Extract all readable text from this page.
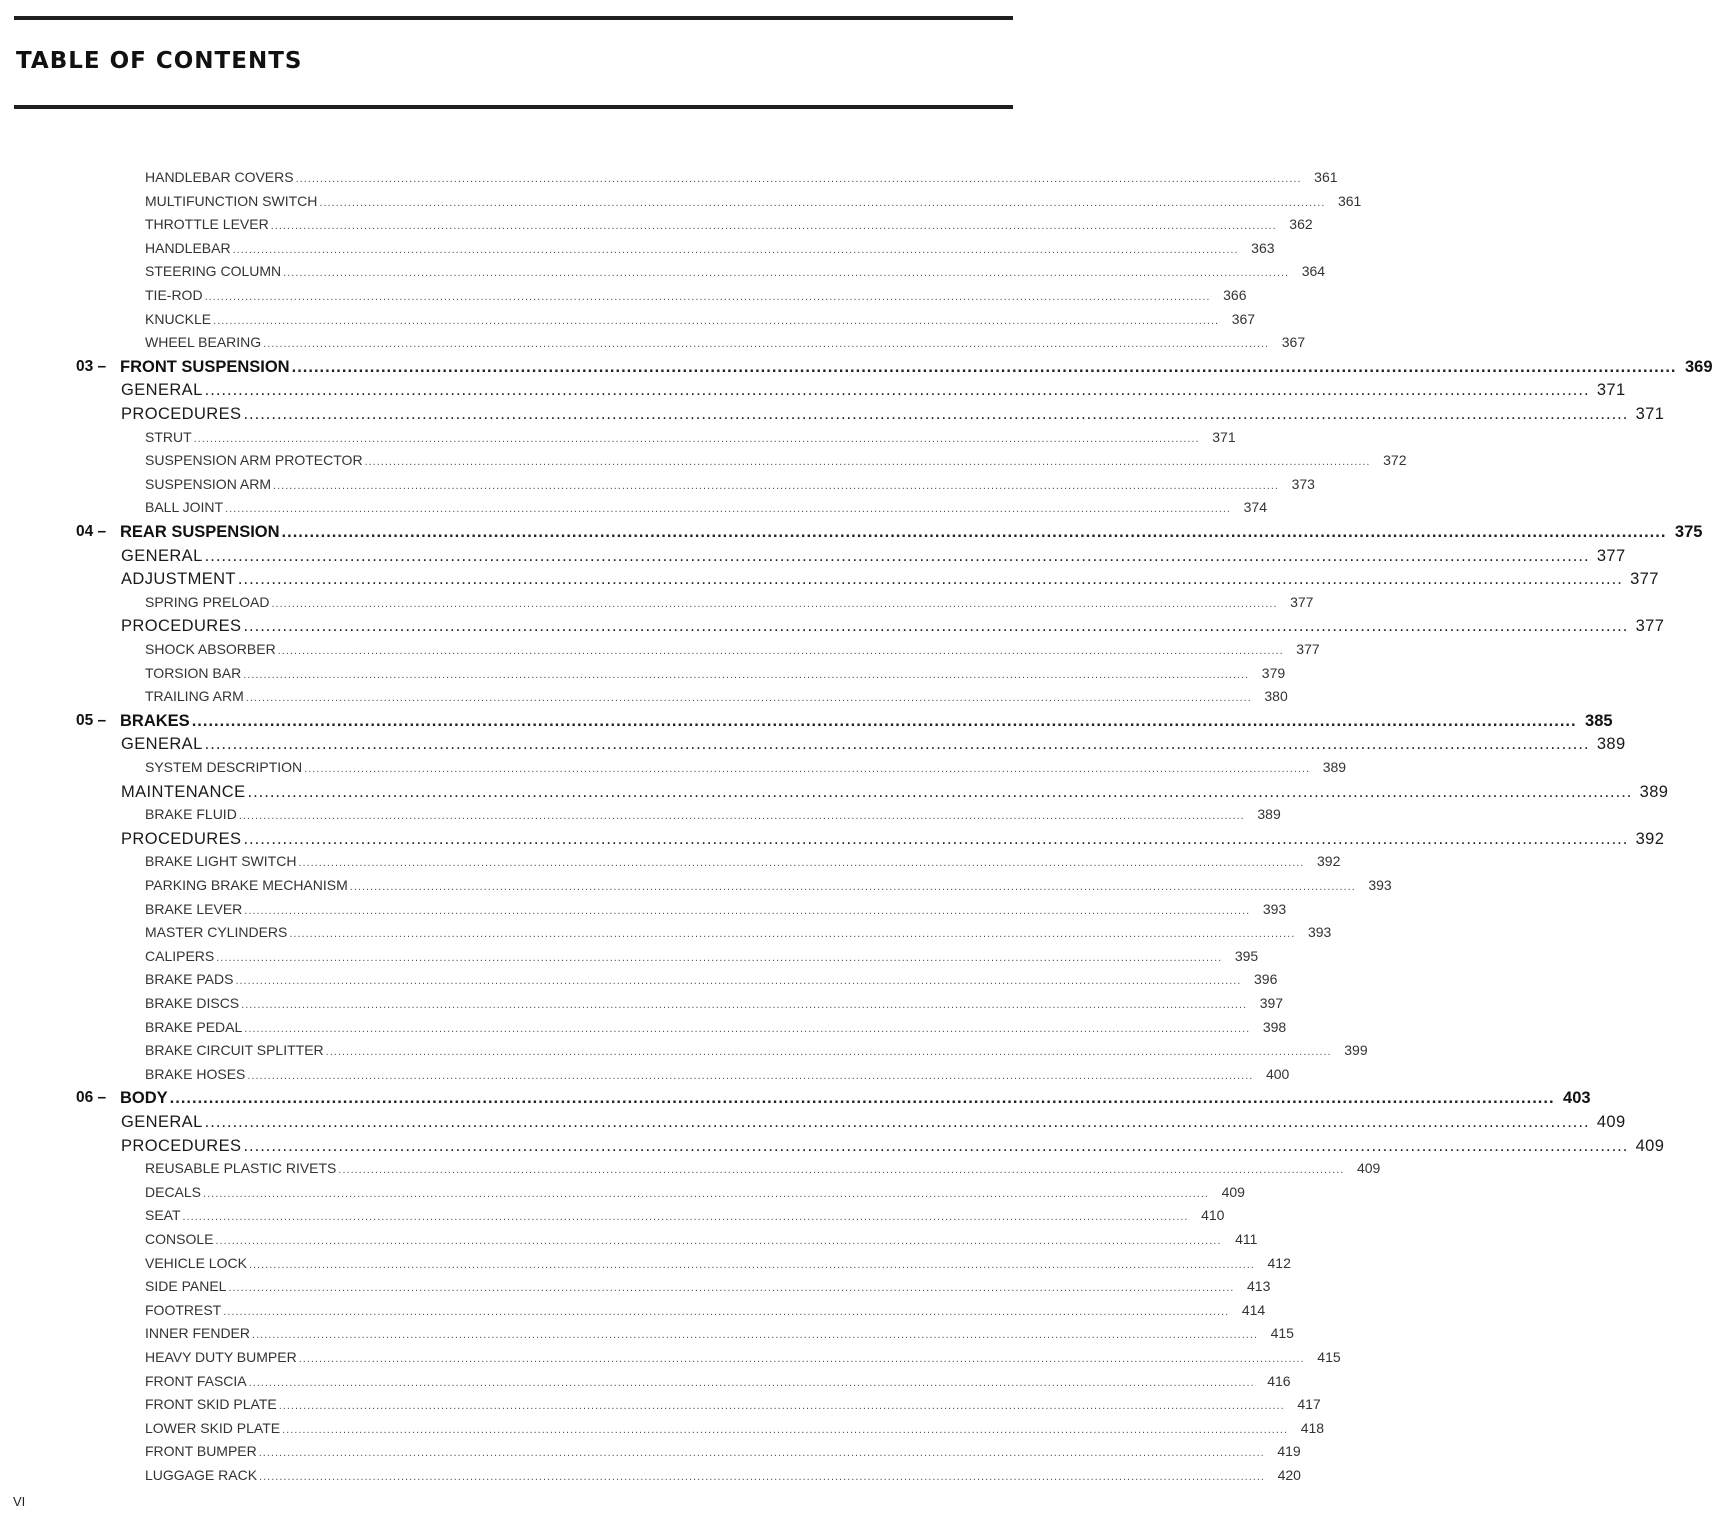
TABLE OF CONTENTS
HANDLEBAR COVERS .....	361
MULTIFUNCTION SWITCH .....	361
THROTTLE LEVER .....	362
HANDLEBAR .....	363
STEERING COLUMN .....	364
TIE-ROD .....	366
KNUCKLE .....	367
WHEEL BEARING .....	367
03 – FRONT SUSPENSION .....	369
GENERAL .....	371
PROCEDURES .....	371
STRUT .....	371
SUSPENSION ARM PROTECTOR .....	372
SUSPENSION ARM .....	373
BALL JOINT .....	374
04 – REAR SUSPENSION .....	375
GENERAL .....	377
ADJUSTMENT .....	377
SPRING PRELOAD .....	377
PROCEDURES .....	377
SHOCK ABSORBER .....	377
TORSION BAR .....	379
TRAILING ARM .....	380
05 – BRAKES .....	385
GENERAL .....	389
SYSTEM DESCRIPTION .....	389
MAINTENANCE .....	389
BRAKE FLUID .....	389
PROCEDURES .....	392
BRAKE LIGHT SWITCH .....	392
PARKING BRAKE MECHANISM .....	393
BRAKE LEVER .....	393
MASTER CYLINDERS .....	393
CALIPERS .....	395
BRAKE PADS .....	396
BRAKE DISCS .....	397
BRAKE PEDAL .....	398
BRAKE CIRCUIT SPLITTER .....	399
BRAKE HOSES .....	400
06 – BODY .....	403
GENERAL .....	409
PROCEDURES .....	409
REUSABLE PLASTIC RIVETS .....	409
DECALS .....	409
SEAT .....	410
CONSOLE .....	411
VEHICLE LOCK .....	412
SIDE PANEL .....	413
FOOTREST .....	414
INNER FENDER .....	415
HEAVY DUTY BUMPER .....	415
FRONT FASCIA .....	416
FRONT SKID PLATE .....	417
LOWER SKID PLATE .....	418
FRONT BUMPER .....	419
LUGGAGE RACK .....	420
VI
